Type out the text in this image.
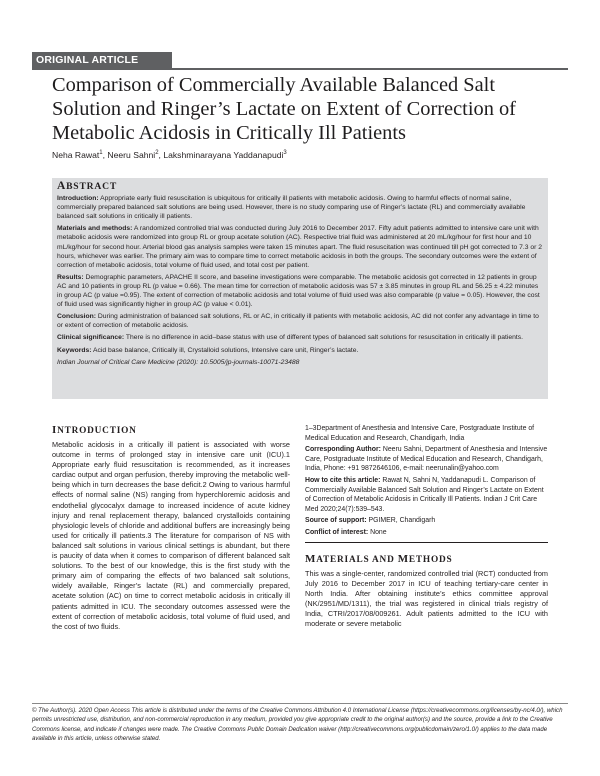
ORIGINAL ARTICLE
Comparison of Commercially Available Balanced Salt
Solution and Ringer’s Lactate on Extent of Correction of
Metabolic Acidosis in Critically Ill Patients
Neha Rawat$^1$, Neeru Sahni$^2$, Lakshminarayana Yaddanapudi$^3$
ABSTRACT

Introduction: Appropriate early fluid resuscitation is ubiquitous for critically ill patients with metabolic acidosis. Owing to harmful effects of normal saline, commercially prepared balanced salt solutions are being used. However, there is no study comparing use of Ringer’s lactate (RL) and commercially available balanced salt solutions in critically ill patients.

Materials and methods: A randomized controlled trial was conducted during July 2016 to December 2017. Fifty adult patients admitted to intensive care unit with metabolic acidosis were randomized into group RL or group acetate solution (AC). Respective trial fluid was administered at 20 mL/kg/hour for first hour and 10 mL/kg/hour for second hour. Arterial blood gas analysis samples were taken 15 minutes apart. The fluid resuscitation was continued till pH got corrected to 7.3 or 2 hours, whichever was earlier. The primary aim was to compare time to correct metabolic acidosis in both the groups. The secondary outcomes were the extent of correction of metabolic acidosis, total volume of fluid used, and total cost per patient.

Results: Demographic parameters, APACHE II score, and baseline investigations were comparable. The metabolic acidosis got corrected in 12 patients in group AC and 10 patients in group RL (p value = 0.66). The mean time for correction of metabolic acidosis was 57 ± 3.85 minutes in group RL and 56.25 ± 4.22 minutes in group AC (p value =0.95). The extent of correction of metabolic acidosis and total volume of fluid used was also comparable (p value = 0.05). However, the cost of fluid used was significantly higher in group AC (p value < 0.01).

Conclusion: During administration of balanced salt solutions, RL or AC, in critically ill patients with metabolic acidosis, AC did not confer any advantage in time to or extent of correction of metabolic acidosis.

Clinical significance: There is no difference in acid–base status with use of different types of balanced salt solutions for resuscitation in critically ill patients.

Keywords: Acid base balance, Critically ill, Crystalloid solutions, Intensive care unit, Ringer’s lactate.

Indian Journal of Critical Care Medicine (2020): 10.5005/jp-journals-10071-23488

INTRODUCTION

Metabolic acidosis in a critically ill patient is associated with worse outcome in terms of prolonged stay in intensive care unit (ICU).1 Appropriate early fluid resuscitation is recommended, as it increases cardiac output and organ perfusion, thereby improving the metabolic well-being which in turn decreases the base deficit.2 Owing to various harmful effects of normal saline (NS) ranging from hyperchloremic acidosis and endothelial glycocalyx damage to increased incidence of acute kidney injury and renal replacement therapy, balanced crystalloids containing physiologic levels of chloride and additional buffers are increasingly being used for critically ill patients.3 The literature for comparison of NS with balanced salt solutions in various clinical settings is abundant, but there is paucity of data when it comes to comparison of different balanced salt solutions. To the best of our knowledge, this is the first study with the primary aim of comparing the effects of two balanced salt solutions, widely available, Ringer’s lactate (RL) and commercially prepared, acetate solution (AC) on time to correct metabolic acidosis in critically ill patients admitted in ICU. The secondary outcomes assessed were the extent of correction of metabolic acidosis, total volume of fluid used, and the cost of two fluids.

1–3Department of Anesthesia and Intensive Care, Postgraduate Institute of Medical Education and Research, Chandigarh, India

Corresponding Author: Neeru Sahni, Department of Anesthesia and Intensive Care, Postgraduate Institute of Medical Education and Research, Chandigarh, India, Phone: +91 9872646106, e-mail: neerunalin@yahoo.com

How to cite this article: Rawat N, Sahni N, Yaddanapudi L. Comparison of Commercially Available Balanced Salt Solution and Ringer’s Lactate on Extent of Correction of Metabolic Acidosis in Critically Ill Patients. Indian J Crit Care Med 2020;24(7):539–543.

Source of support: PGIMER, Chandigarh

Conflict of interest: None

MATERIALS AND METHODS

This was a single-center, randomized controlled trial (RCT) conducted from July 2016 to December 2017 in ICU of teaching tertiary-care center in North India. After obtaining institute’s ethics committee approval (NK/2951/MD/1311), the trial was registered in clinical trials registry of India, CTRI/2017/08/009261. Adult patients admitted to the ICU with moderate or severe metabolic

© The Author(s). 2020 Open Access This article is distributed under the terms of the Creative Commons Attribution 4.0 International License (https://creativecommons.org/licenses/by-nc/4.0/), which permits unrestricted use, distribution, and non-commercial reproduction in any medium, provided you give appropriate credit to the original author(s) and the source, provide a link to the Creative Commons license, and indicate if changes were made. The Creative Commons Public Domain Dedication waiver (http://creativecommons.org/publicdomain/zero/1.0/) applies to the data made available in this article, unless otherwise stated.
